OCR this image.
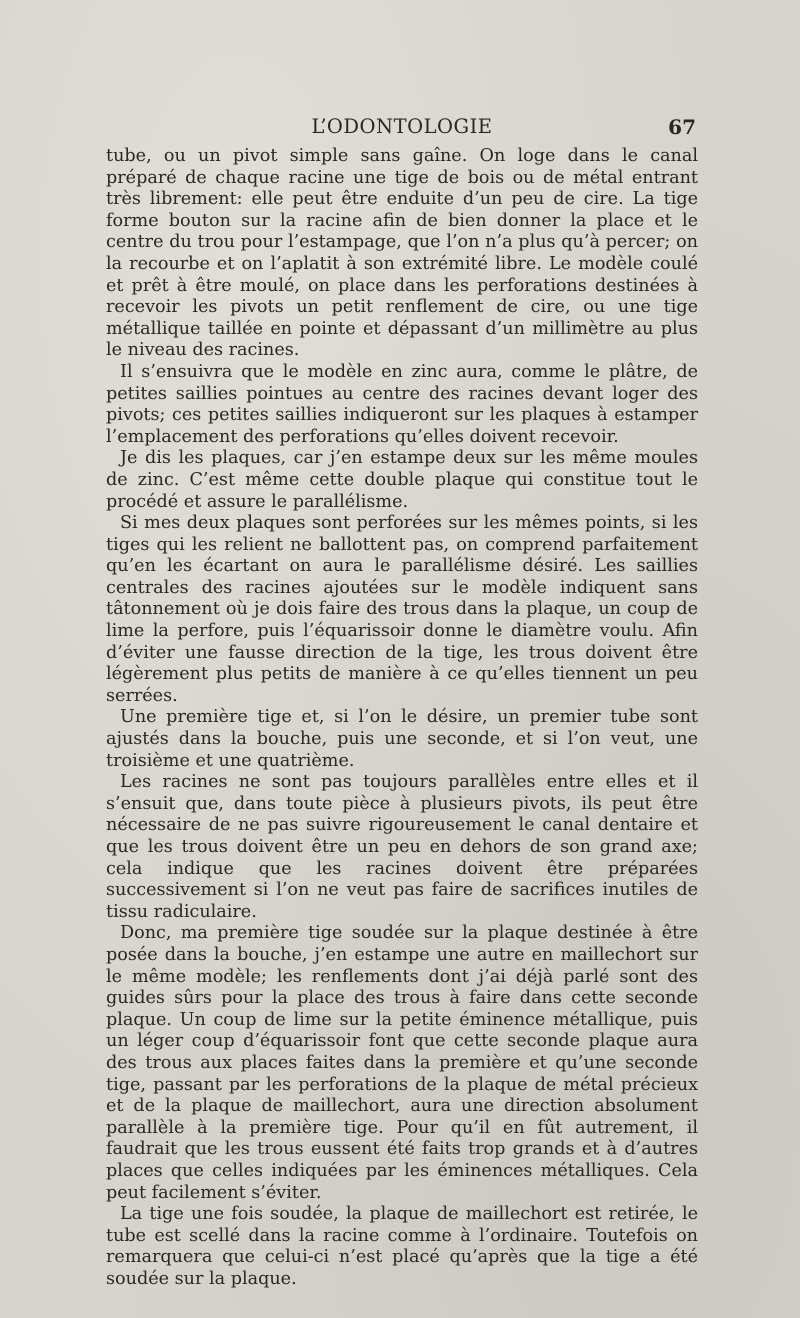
L’ODONTOLOGIE	67

tube, ou un pivot simple sans gaîne. On loge dans le canal préparé de chaque racine une tige de bois ou de métal entrant très librement: elle peut être enduite d’un peu de cire. La tige forme bouton sur la racine afin de bien donner la place et le centre du trou pour l’estampage, que l’on n’a plus qu’à percer; on la recourbe et on l’aplatit à son extrémité libre. Le modèle coulé et prêt à être moulé, on place dans les perforations destinées à recevoir les pivots un petit renflement de cire, ou une tige métallique taillée en pointe et dépassant d’un millimètre au plus le niveau des racines.

Il s’ensuivra que le modèle en zinc aura, comme le plâtre, de petites saillies pointues au centre des racines devant loger des pivots; ces petites saillies indiqueront sur les plaques à estamper l’emplacement des perforations qu’elles doivent recevoir.

Je dis les plaques, car j’en estampe deux sur les même moules de zinc. C’est même cette double plaque qui constitue tout le procédé et assure le parallélisme.

Si mes deux plaques sont perforées sur les mêmes points, si les tiges qui les relient ne ballottent pas, on comprend parfaitement qu’en les écartant on aura le parallélisme désiré. Les saillies centrales des racines ajoutées sur le modèle indiquent sans tâtonnement où je dois faire des trous dans la plaque, un coup de lime la perfore, puis l’équarissoir donne le diamètre voulu. Afin d’éviter une fausse direction de la tige, les trous doivent être légèrement plus petits de manière à ce qu’elles tiennent un peu serrées.

Une première tige et, si l’on le désire, un premier tube sont ajustés dans la bouche, puis une seconde, et si l’on veut, une troisième et une quatrième.

Les racines ne sont pas toujours parallèles entre elles et il s’ensuit que, dans toute pièce à plusieurs pivots, ils peut être nécessaire de ne pas suivre rigoureusement le canal dentaire et que les trous doivent être un peu en dehors de son grand axe; cela indique que les racines doivent être préparées successivement si l’on ne veut pas faire de sacrifices inutiles de tissu radiculaire.

Donc, ma première tige soudée sur la plaque destinée à être posée dans la bouche, j’en estampe une autre en maillechort sur le même modèle; les renflements dont j’ai déjà parlé sont des guides sûrs pour la place des trous à faire dans cette seconde plaque. Un coup de lime sur la petite éminence métallique, puis un léger coup d’équarissoir font que cette seconde plaque aura des trous aux places faites dans la première et qu’une seconde tige, passant par les perforations de la plaque de métal précieux et de la plaque de maillechort, aura une direction absolument parallèle à la première tige. Pour qu’il en fût autrement, il faudrait que les trous eussent été faits trop grands et à d’autres places que celles indiquées par les éminences métalliques. Cela peut facilement s’éviter.

La tige une fois soudée, la plaque de maillechort est retirée, le tube est scellé dans la racine comme à l’ordinaire. Toutefois on remarquera que celui-ci n’est placé qu’après que la tige a été soudée sur la plaque.
